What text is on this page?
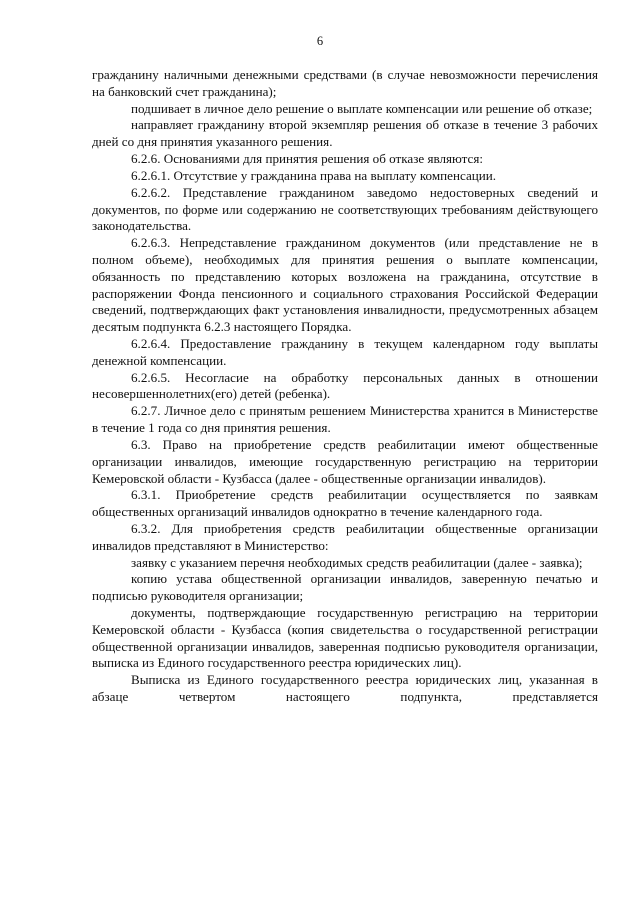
6

гражданину наличными денежными средствами (в случае невозможности перечисления на банковский счет гражданина);

подшивает в личное дело решение о выплате компенсации или решение об отказе;

направляет гражданину второй экземпляр решения об отказе в течение 3 рабочих дней со дня принятия указанного решения.

6.2.6. Основаниями для принятия решения об отказе являются:

6.2.6.1. Отсутствие у гражданина права на выплату компенсации.

6.2.6.2. Представление гражданином заведомо недостоверных сведений и документов, по форме или содержанию не соответствующих требованиям действующего законодательства.

6.2.6.3. Непредставление гражданином документов (или представление не в полном объеме), необходимых для принятия решения о выплате компенсации, обязанность по представлению которых возложена на гражданина, отсутствие в распоряжении Фонда пенсионного и социального страхования Российской Федерации сведений, подтверждающих факт установления инвалидности, предусмотренных абзацем десятым подпункта 6.2.3 настоящего Порядка.

6.2.6.4. Предоставление гражданину в текущем календарном году выплаты денежной компенсации.

6.2.6.5. Несогласие на обработку персональных данных в отношении несовершеннолетних(его) детей (ребенка).

6.2.7. Личное дело с принятым решением Министерства хранится в Министерстве в течение 1 года со дня принятия решения.

6.3. Право на приобретение средств реабилитации имеют общественные организации инвалидов, имеющие государственную регистрацию на территории Кемеровской области - Кузбасса (далее - общественные организации инвалидов).

6.3.1. Приобретение средств реабилитации осуществляется по заявкам общественных организаций инвалидов однократно в течение календарного года.

6.3.2. Для приобретения средств реабилитации общественные организации инвалидов представляют в Министерство:

заявку с указанием перечня необходимых средств реабилитации (далее - заявка);

копию устава общественной организации инвалидов, заверенную печатью и подписью руководителя организации;

документы, подтверждающие государственную регистрацию на территории Кемеровской области - Кузбасса (копия свидетельства о государственной регистрации общественной организации инвалидов, заверенная подписью руководителя организации, выписка из Единого государственного реестра юридических лиц).

Выписка из Единого государственного реестра юридических лиц, указанная в абзаце четвертом настоящего подпункта, представляется
